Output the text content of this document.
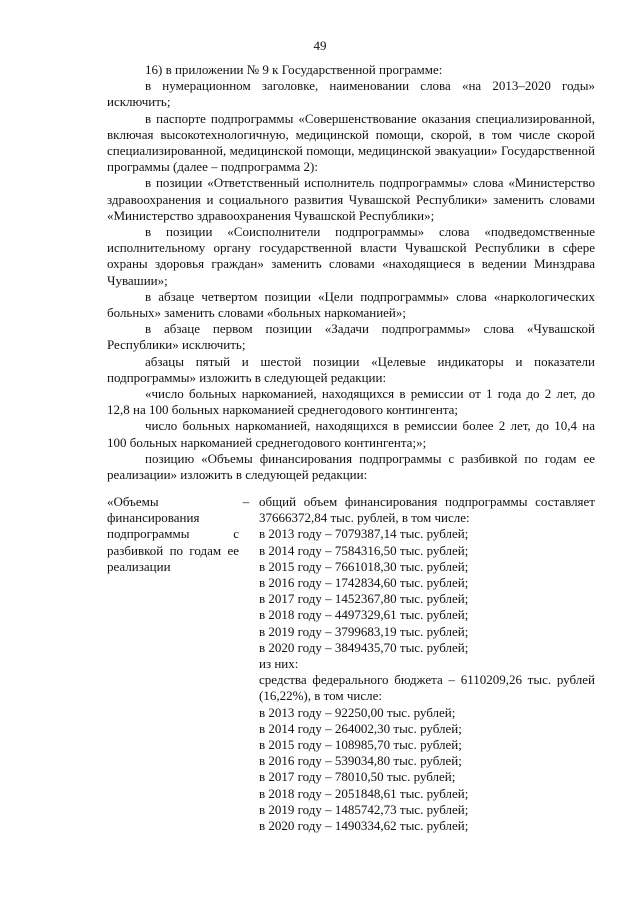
49

16) в приложении № 9 к Государственной программе:

в нумерационном заголовке, наименовании слова «на 2013–2020 годы» исключить;

в паспорте подпрограммы «Совершенствование оказания специализированной, включая высокотехнологичную, медицинской помощи, скорой, в том числе скорой специализированной, медицинской помощи, медицинской эвакуации» Государственной программы (далее – подпрограмма 2):

в позиции «Ответственный исполнитель подпрограммы» слова «Министерство здравоохранения и социального развития Чувашской Республики» заменить словами «Министерство здравоохранения Чувашской Республики»;

в позиции «Соисполнители подпрограммы» слова «подведомственные исполнительному органу государственной власти Чувашской Республики в сфере охраны здоровья граждан» заменить словами «находящиеся в ведении Минздрава Чувашии»;

в абзаце четвертом позиции «Цели подпрограммы» слова «наркологических больных» заменить словами «больных наркоманией»;

в абзаце первом позиции «Задачи подпрограммы» слова «Чувашской Республики» исключить;

абзацы пятый и шестой позиции «Целевые индикаторы и показатели подпрограммы» изложить в следующей редакции:

«число больных наркоманией, находящихся в ремиссии от 1 года до 2 лет, до 12,8 на 100 больных наркоманией среднегодового контингента;

число больных наркоманией, находящихся в ремиссии более 2 лет, до 10,4 на 100 больных наркоманией среднегодового контингента;»;

позицию «Объемы финансирования подпрограммы с разбивкой по годам ее реализации» изложить в следующей редакции:

«Объемы финансирования подпрограммы с разбивкой по годам ее реализации
– общий объем финансирования подпрограммы составляет 37666372,84 тыс. рублей, в том числе:
в 2013 году – 7079387,14 тыс. рублей;
в 2014 году – 7584316,50 тыс. рублей;
в 2015 году – 7661018,30 тыс. рублей;
в 2016 году – 1742834,60 тыс. рублей;
в 2017 году – 1452367,80 тыс. рублей;
в 2018 году – 4497329,61 тыс. рублей;
в 2019 году – 3799683,19 тыс. рублей;
в 2020 году – 3849435,70 тыс. рублей;
из них:
средства федерального бюджета – 6110209,26 тыс. рублей (16,22%), в том числе:
в 2013 году – 92250,00 тыс. рублей;
в 2014 году – 264002,30 тыс. рублей;
в 2015 году – 108985,70 тыс. рублей;
в 2016 году – 539034,80 тыс. рублей;
в 2017 году – 78010,50 тыс. рублей;
в 2018 году – 2051848,61 тыс. рублей;
в 2019 году – 1485742,73 тыс. рублей;
в 2020 году – 1490334,62 тыс. рублей;
